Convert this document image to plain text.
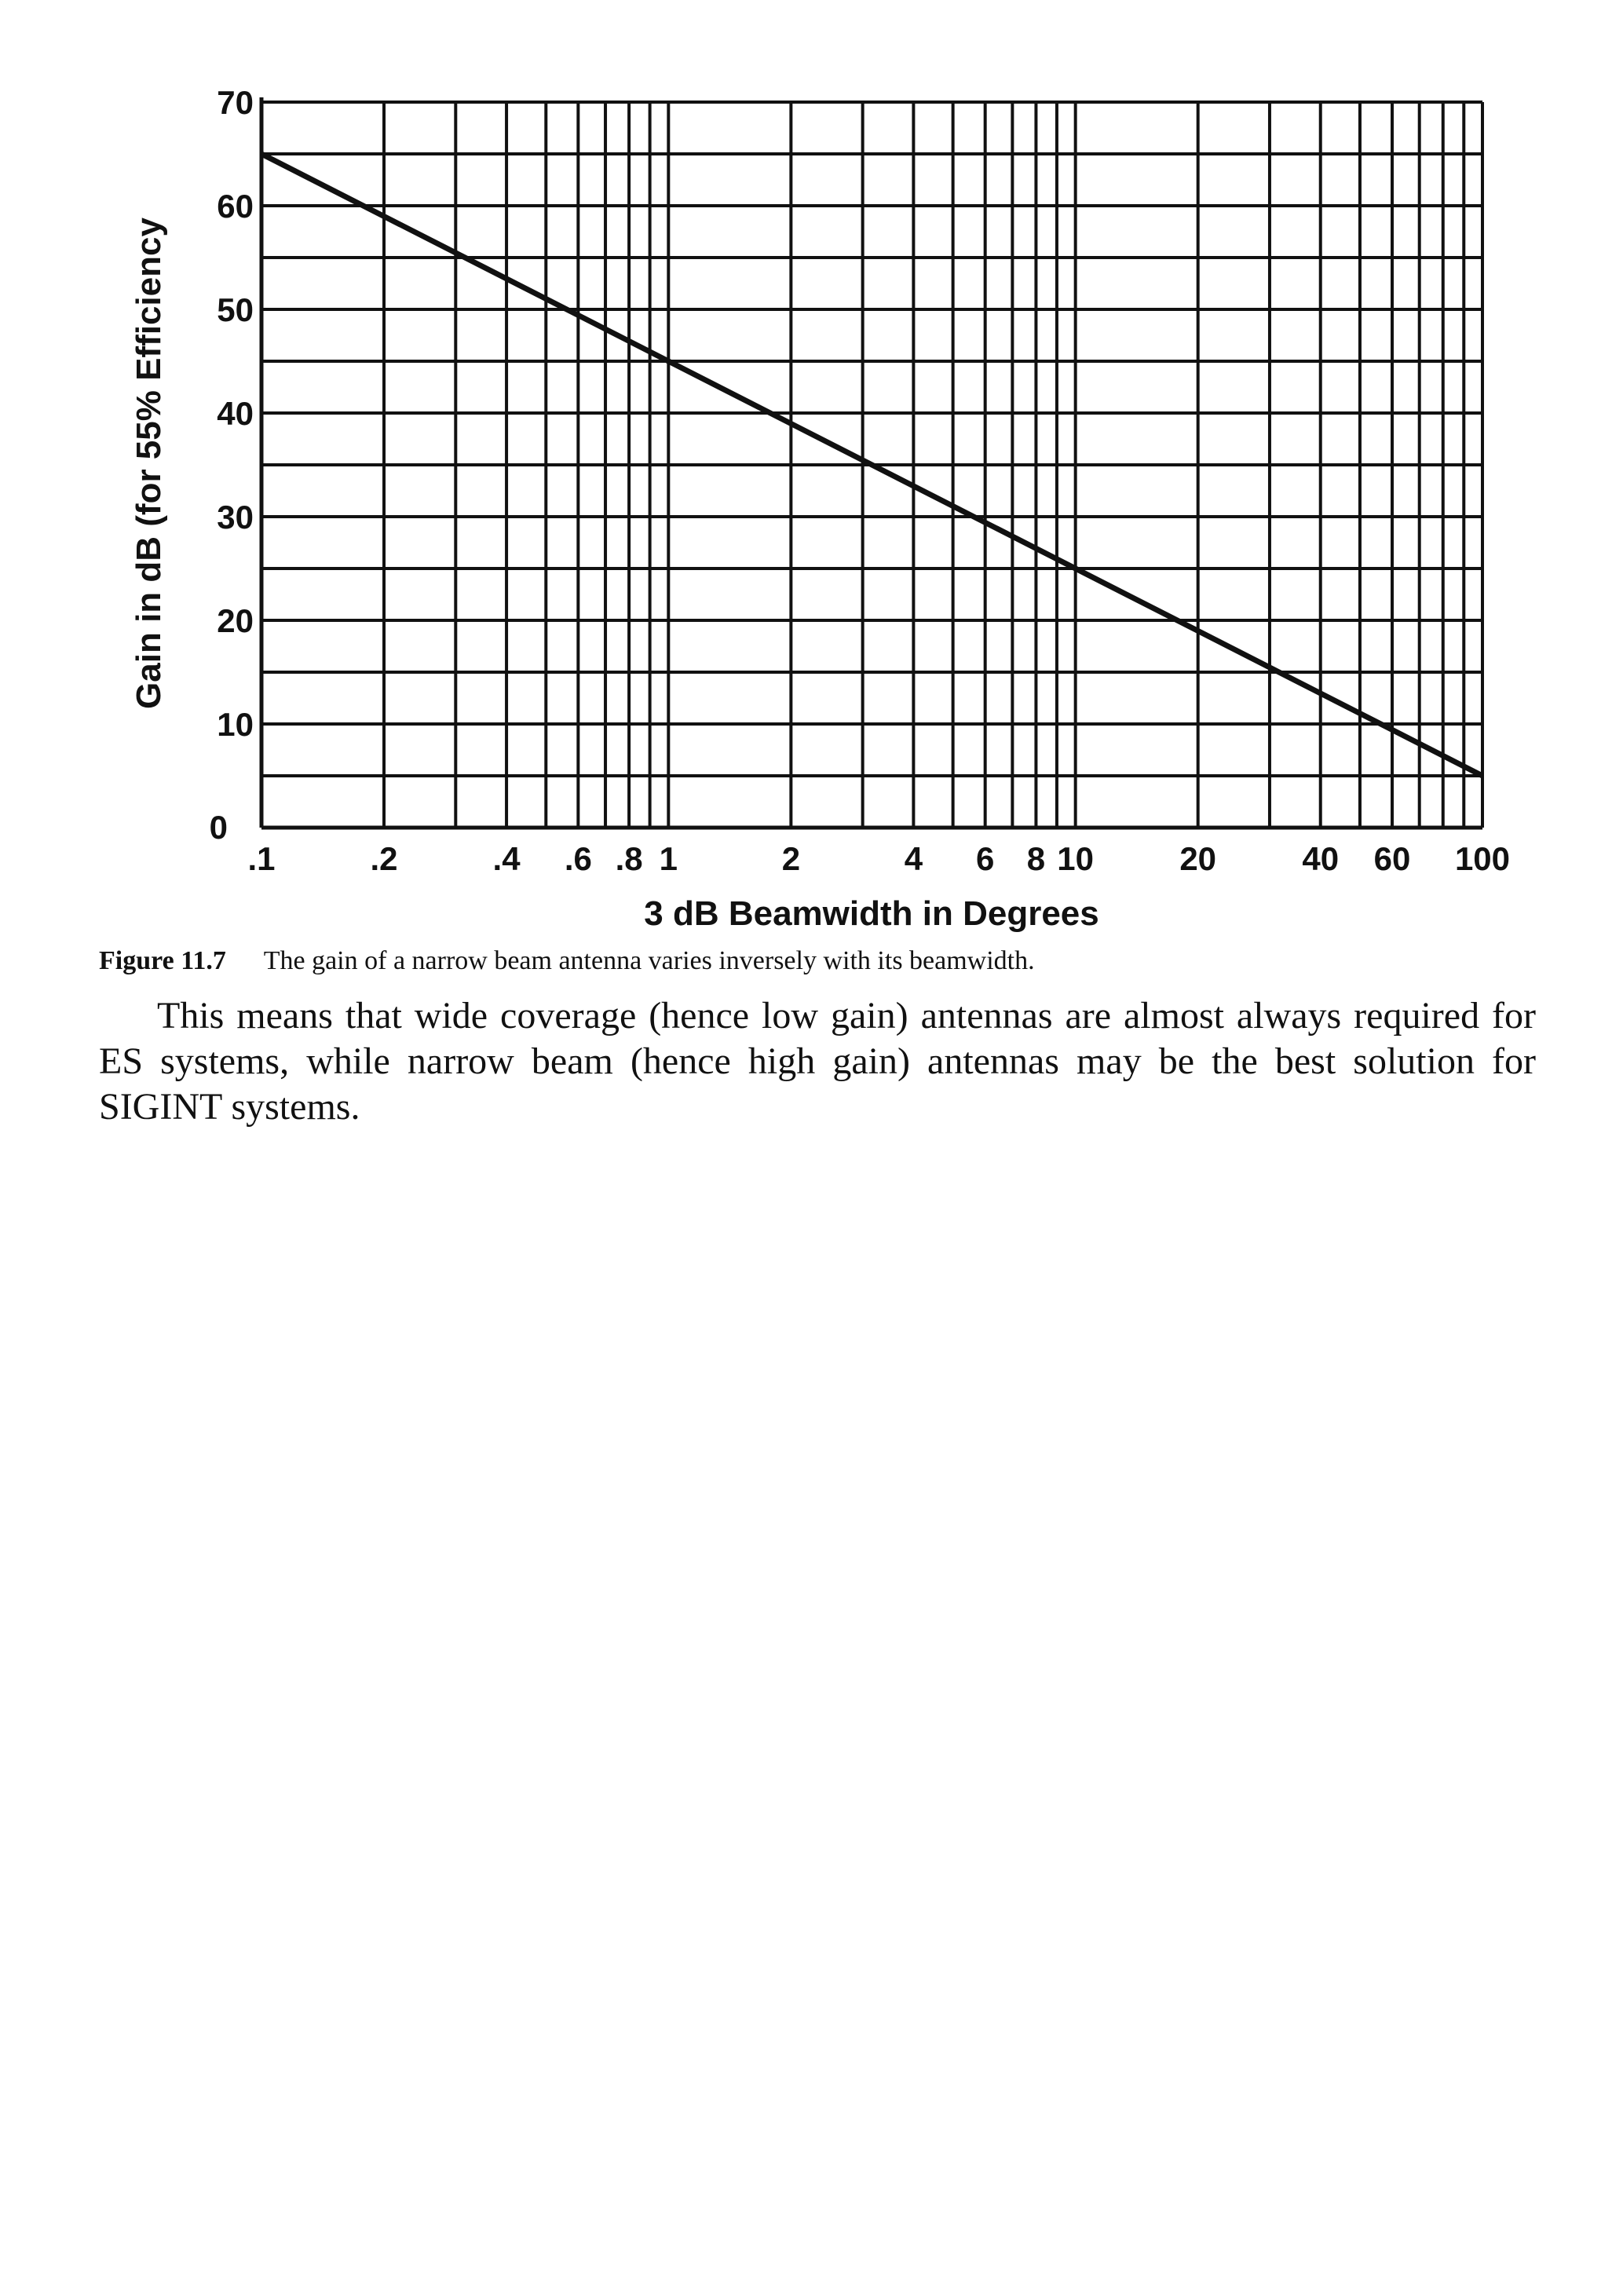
.1	.2	.4 .6 .8 1	2	4 6 8 10	20	40 60 100
0
10
20
30
40
50
60
70
3 dB Beamwidth in Degrees
Gain in dB (for 55% Efficiency
Figure 11.7 The gain of a narrow beam antenna varies inversely with its beamwidth.

This means that wide coverage (hence low gain) antennas are almost always required for ES systems, while narrow beam (hence high gain) antennas may be the best solution for SIGINT systems.
